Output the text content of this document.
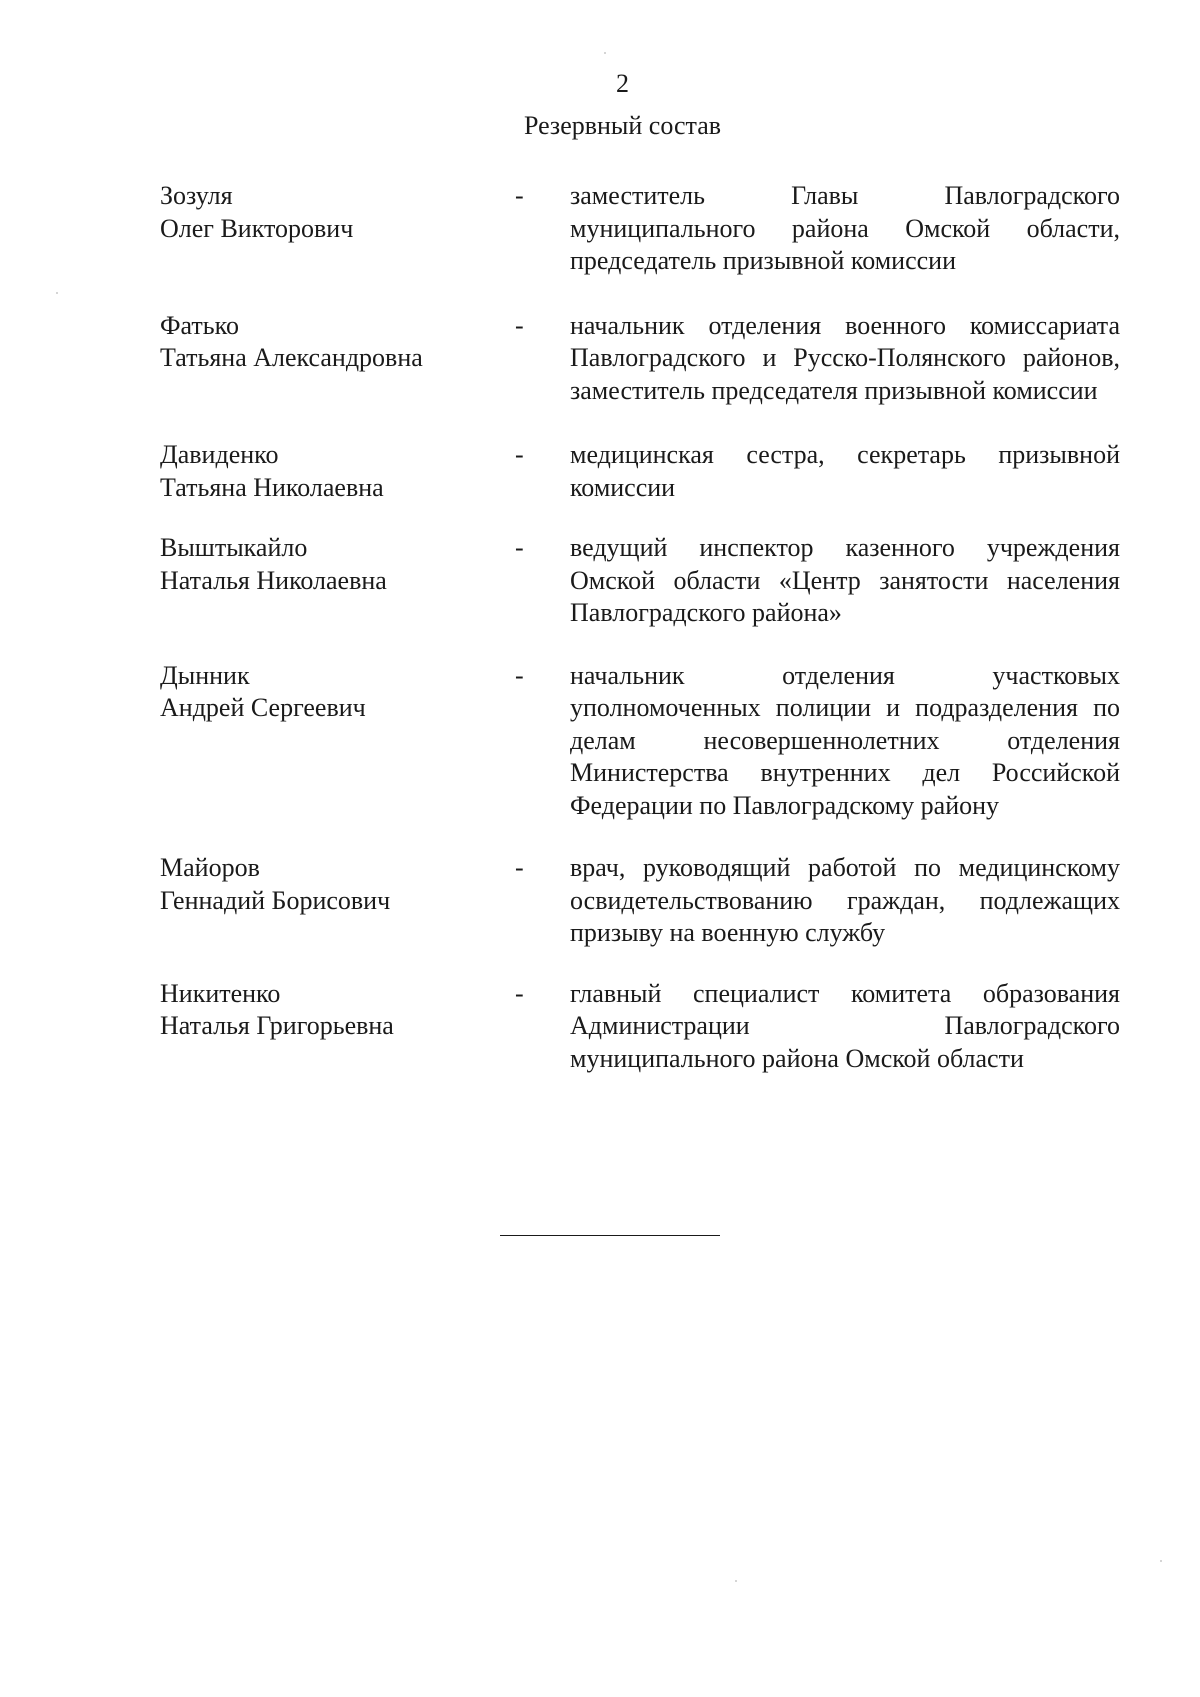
2
Резервный состав
Зозуля
Олег Викторович
-	заместитель Главы Павлоградского муниципального района Омской области, председатель призывной комиссии
Фатько
Татьяна Александровна
-	начальник отделения военного комиссариата Павлоградского и Русско-Полянского районов, заместитель председателя призывной комиссии
Давиденко
Татьяна Николаевна
-	медицинская сестра, секретарь призывной комиссии
Выштыкайло
Наталья Николаевна
-	ведущий инспектор казенного учреждения Омской области «Центр занятости населения Павлоградского района»
Дынник
Андрей Сергеевич
-	начальник отделения участковых уполномоченных полиции и подразделения по делам несовершеннолетних отделения Министерства внутренних дел Российской Федерации по Павлоградскому району
Майоров
Геннадий Борисович
-	врач, руководящий работой по медицинскому освидетельствованию граждан, подлежащих призыву на военную службу
Никитенко
Наталья Григорьевна
-	главный специалист комитета образования Администрации Павлоградского муниципального района Омской области
